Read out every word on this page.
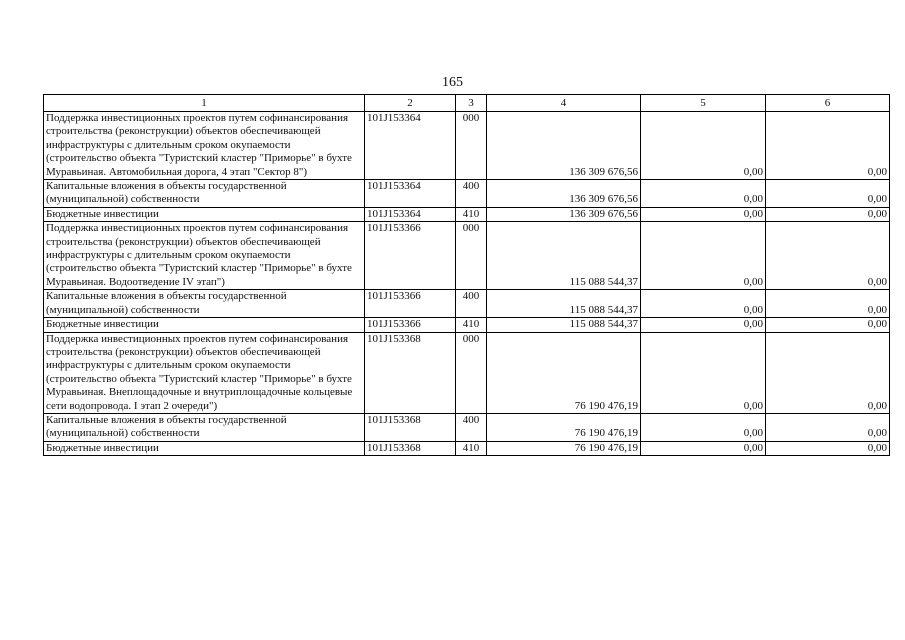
165
1	2	3	4	5	6
Поддержка инвестиционных проектов путем софинансирования строительства (реконструкции) объектов обеспечивающей инфраструктуры с длительным сроком окупаемости (строительство объекта "Туристский кластер "Приморье" в бухте Муравьиная. Автомобильная дорога, 4 этап "Сектор 8")	101J153364	000	136 309 676,56	0,00	0,00
Капитальные вложения в объекты государственной (муниципальной) собственности	101J153364	400	136 309 676,56	0,00	0,00
Бюджетные инвестиции	101J153364	410	136 309 676,56	0,00	0,00
Поддержка инвестиционных проектов путем софинансирования строительства (реконструкции) объектов обеспечивающей инфраструктуры с длительным сроком окупаемости (строительство объекта "Туристский кластер "Приморье" в бухте Муравьиная. Водоотведение IV этап")	101J153366	000	115 088 544,37	0,00	0,00
Капитальные вложения в объекты государственной (муниципальной) собственности	101J153366	400	115 088 544,37	0,00	0,00
Бюджетные инвестиции	101J153366	410	115 088 544,37	0,00	0,00
Поддержка инвестиционных проектов путем софинансирования строительства (реконструкции) объектов обеспечивающей инфраструктуры с длительным сроком окупаемости (строительство объекта "Туристский кластер "Приморье" в бухте Муравьиная. Внеплощадочные и внутриплощадочные кольцевые сети водопровода. I этап 2 очереди")	101J153368	000	76 190 476,19	0,00	0,00
Капитальные вложения в объекты государственной (муниципальной) собственности	101J153368	400	76 190 476,19	0,00	0,00
Бюджетные инвестиции	101J153368	410	76 190 476,19	0,00	0,00
